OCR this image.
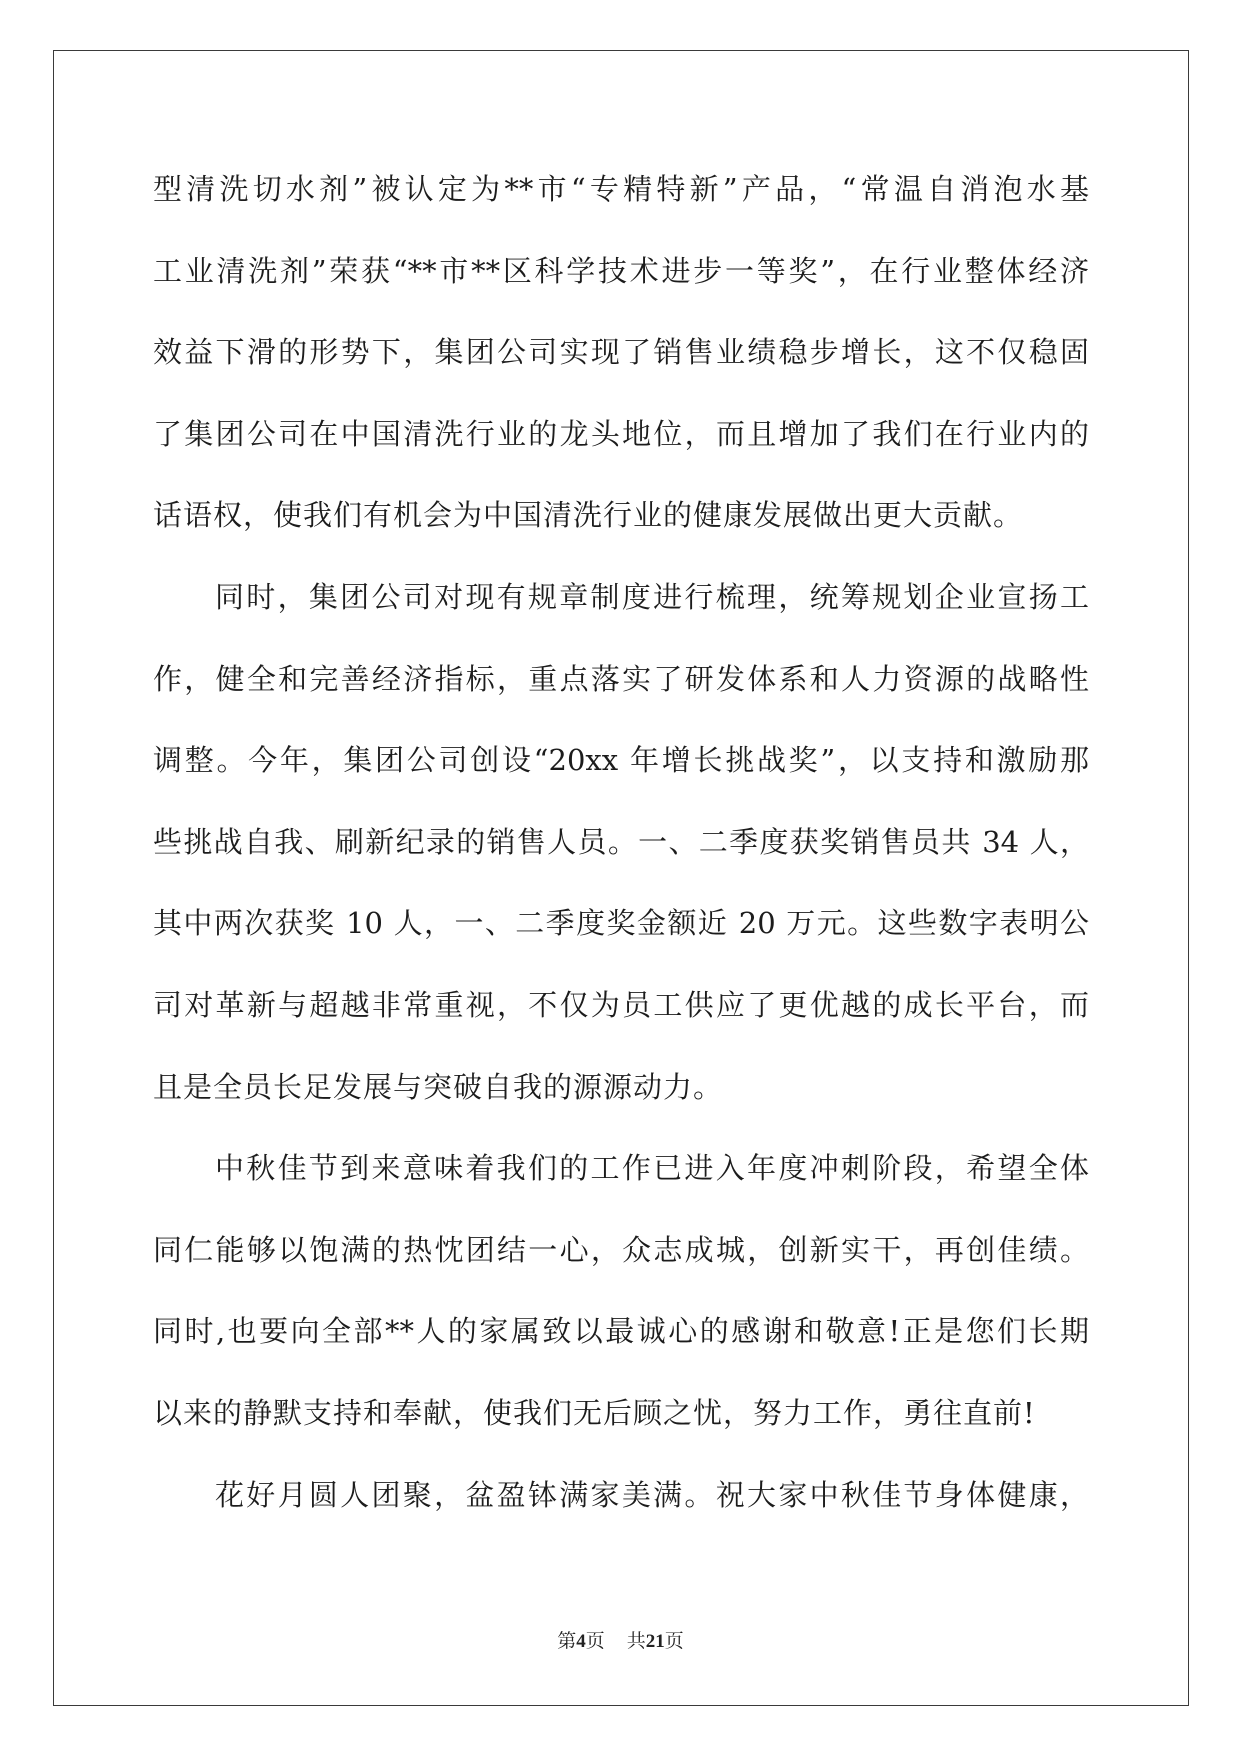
型清洗切水剂”被认定为**市“专精特新”产品，“常温自消泡水基
工业清洗剂”荣获“**市**区科学技术进步一等奖”，在行业整体经济
效益下滑的形势下，集团公司实现了销售业绩稳步增长，这不仅稳固
了集团公司在中国清洗行业的龙头地位，而且增加了我们在行业内的
话语权，使我们有机会为中国清洗行业的健康发展做出更大贡献。
同时，集团公司对现有规章制度进行梳理，统筹规划企业宣扬工
作，健全和完善经济指标，重点落实了研发体系和人力资源的战略性
调整。今年，集团公司创设“20xx 年增长挑战奖”，以支持和激励那
些挑战自我、刷新纪录的销售人员。一、二季度获奖销售员共 34 人，
其中两次获奖 10 人，一、二季度奖金额近 20 万元。这些数字表明公
司对革新与超越非常重视，不仅为员工供应了更优越的成长平台，而
且是全员长足发展与突破自我的源源动力。
中秋佳节到来意味着我们的工作已进入年度冲刺阶段，希望全体
同仁能够以饱满的热忱团结一心，众志成城，创新实干，再创佳绩。
同时,也要向全部**人的家属致以最诚心的感谢和敬意!正是您们长期
以来的静默支持和奉献，使我们无后顾之忧，努力工作，勇往直前!
花好月圆人团聚，盆盈钵满家美满。祝大家中秋佳节身体健康，
第4页 共21页
